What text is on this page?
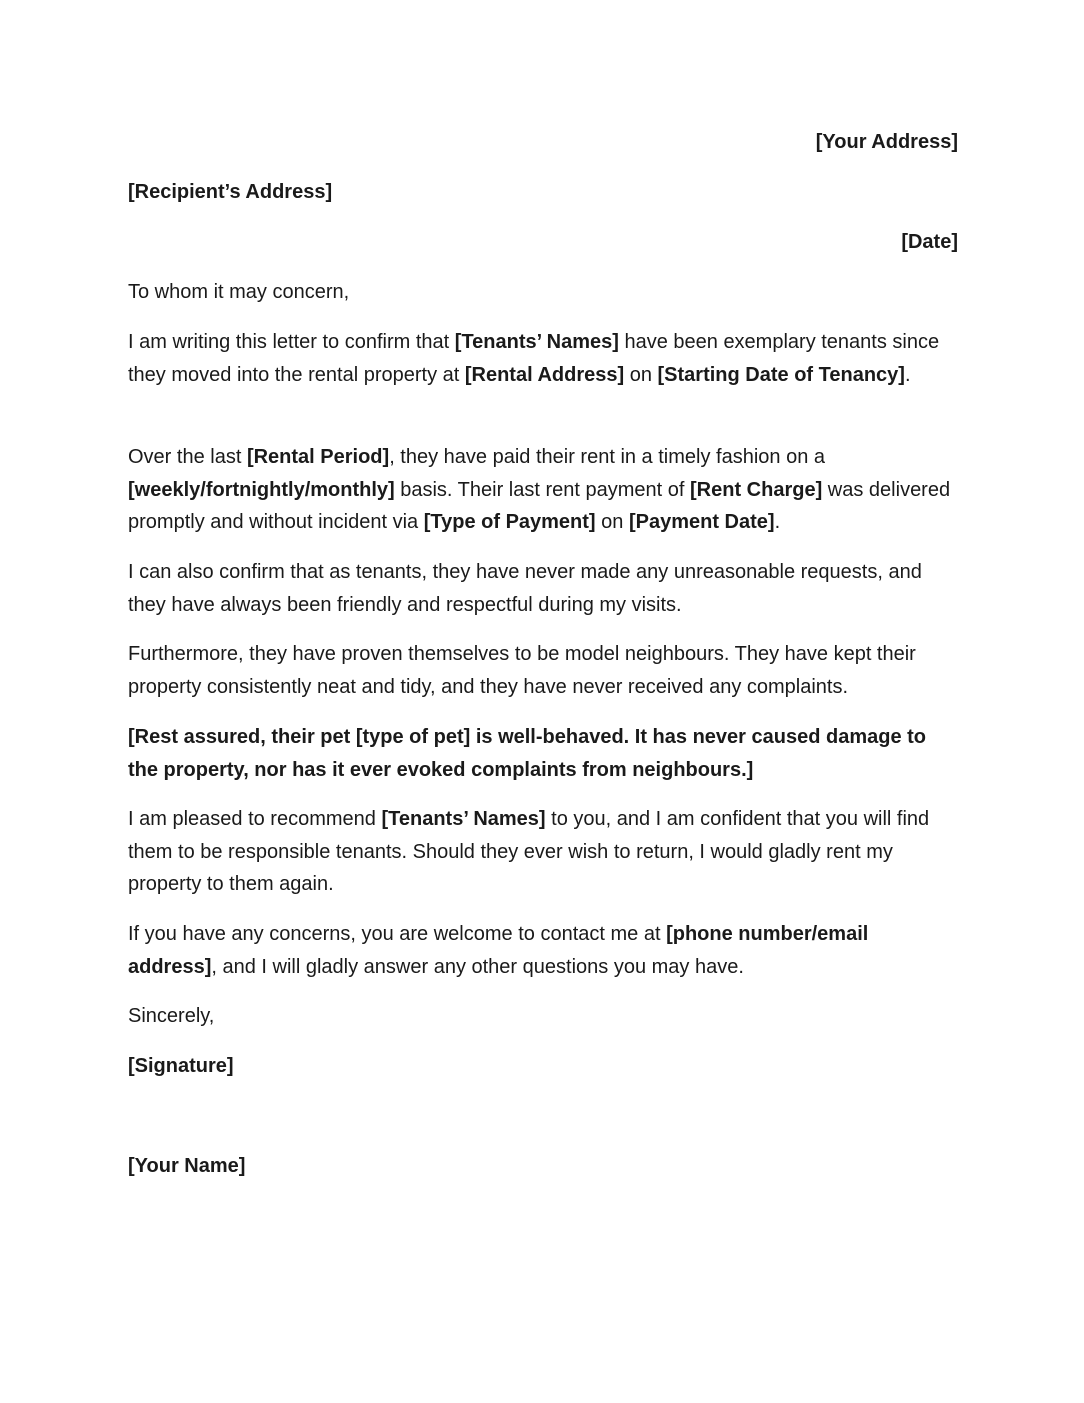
[Your Address]

[Recipient’s Address]

[Date]

To whom it may concern,

I am writing this letter to confirm that [Tenants’ Names] have been exemplary tenants since they moved into the rental property at [Rental Address] on [Starting Date of Tenancy].

Over the last [Rental Period], they have paid their rent in a timely fashion on a [weekly/fortnightly/monthly] basis. Their last rent payment of [Rent Charge] was delivered promptly and without incident via [Type of Payment] on [Payment Date].

I can also confirm that as tenants, they have never made any unreasonable requests, and they have always been friendly and respectful during my visits.

Furthermore, they have proven themselves to be model neighbours. They have kept their property consistently neat and tidy, and they have never received any complaints.

[Rest assured, their pet [type of pet] is well-behaved. It has never caused damage to the property, nor has it ever evoked complaints from neighbours.]

I am pleased to recommend [Tenants’ Names] to you, and I am confident that you will find them to be responsible tenants. Should they ever wish to return, I would gladly rent my property to them again.

If you have any concerns, you are welcome to contact me at [phone number/email address], and I will gladly answer any other questions you may have.

Sincerely,

[Signature]

[Your Name]
